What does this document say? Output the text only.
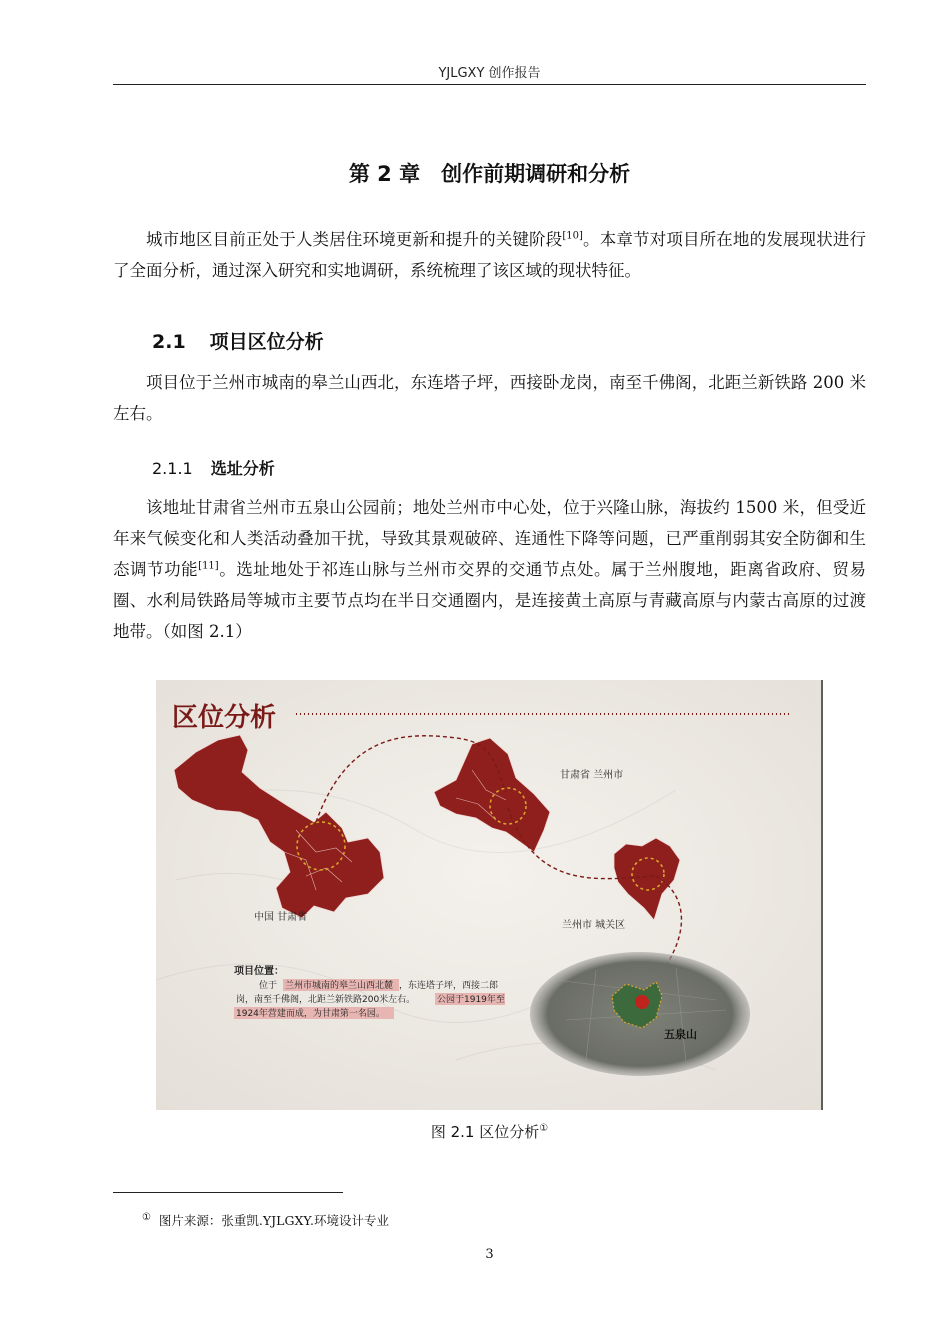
YJLGXY 创作报告
第 2 章　创作前期调研和分析
城市地区目前正处于人类居住环境更新和提升的关键阶段[10]。本章节对项目所在地的发展现状进行了全面分析，通过深入研究和实地调研，系统梳理了该区域的现状特征。
2.1 项目区位分析
项目位于兰州市城南的皋兰山西北，东连塔子坪，西接卧龙岗，南至千佛阁，北距兰新铁路 200 米左右。
2.1.1 选址分析
该地址甘肃省兰州市五泉山公园前；地处兰州市中心处，位于兴隆山脉，海拔约 1500 米，但受近年来气候变化和人类活动叠加干扰，导致其景观破碎、连通性下降等问题，已严重削弱其安全防御和生态调节功能[11]。选址地处于祁连山脉与兰州市交界的交通节点处。属于兰州腹地，距离省政府、贸易圈、水利局铁路局等城市主要节点均在半日交通圈内，是连接黄土高原与青藏高原与内蒙古高原的过渡地带。（如图 2.1）
区位分析
中国 甘肃省
甘肃省 兰州市
兰州市 城关区
五泉山
项目位置：
位于 兰州市城南的皋兰山西北麓 ，东连塔子坪，西接二郎
岗，南至千佛阁，北距兰新铁路200米左右。 公园于1919年至
1924年营建而成，为甘肃第一名园。
图 2.1 区位分析①
① 图片来源：张重凯.YJLGXY.环境设计专业
3
